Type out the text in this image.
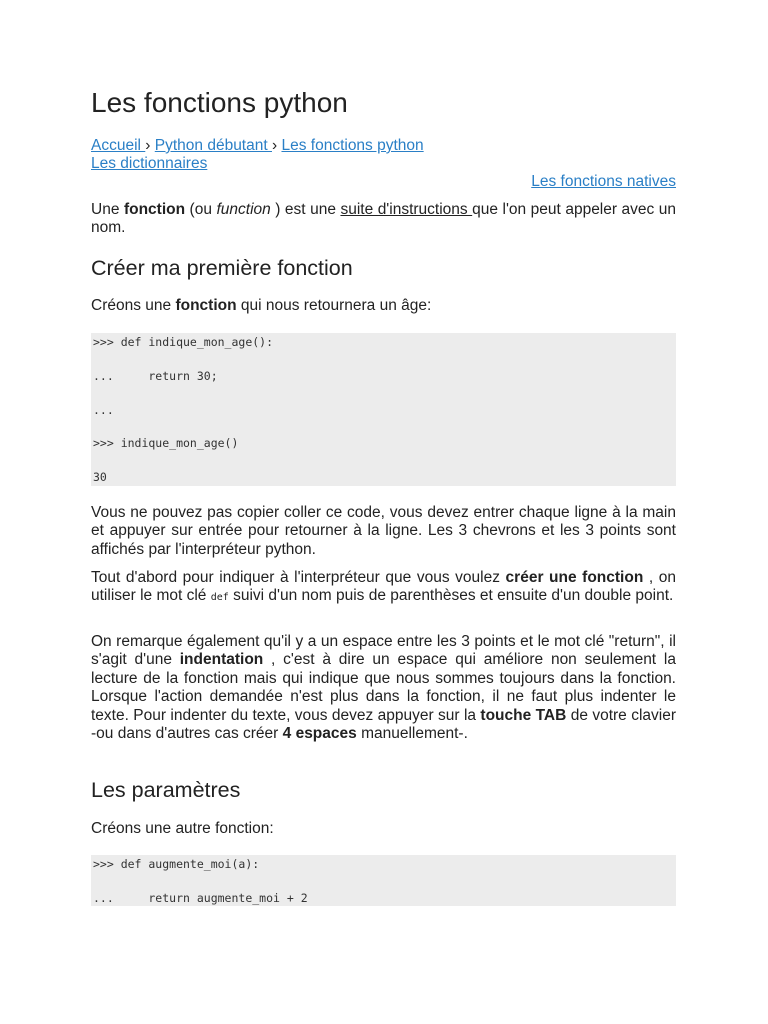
Les fonctions python
Accueil › Python débutant › Les fonctions python
Les dictionnaires
Les fonctions natives

Une fonction (ou function ) est une suite d'instructions que l'on peut appeler avec un nom.

Créer ma première fonction

Créons une fonction qui nous retournera un âge:

>>> def indique_mon_age():
...     return 30;
...
>>> indique_mon_age()
30

Vous ne pouvez pas copier coller ce code, vous devez entrer chaque ligne à la main et appuyer sur entrée pour retourner à la ligne. Les 3 chevrons et les 3 points sont affichés par l'interpréteur python.

Tout d'abord pour indiquer à l'interpréteur que vous voulez créer une fonction , on utiliser le mot clé def suivi d'un nom puis de parenthèses et ensuite d'un double point.

On remarque également qu'il y a un espace entre les 3 points et le mot clé "return", il s'agit d'une indentation , c'est à dire un espace qui améliore non seulement la lecture de la fonction mais qui indique que nous sommes toujours dans la fonction. Lorsque l'action demandée n'est plus dans la fonction, il ne faut plus indenter le texte. Pour indenter du texte, vous devez appuyer sur la touche TAB de votre clavier -ou dans d'autres cas créer 4 espaces manuellement-.

Les paramètres

Créons une autre fonction:

>>> def augmente_moi(a):
...     return augmente_moi + 2
